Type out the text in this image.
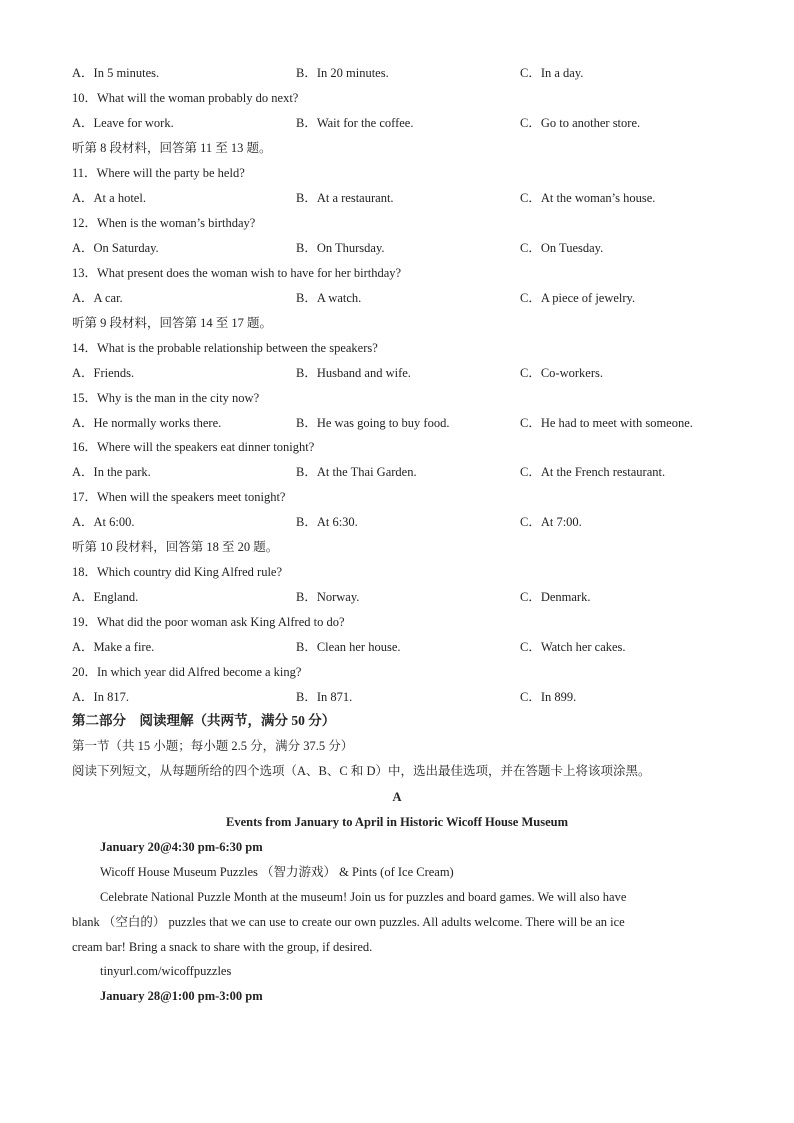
A．In 5 minutes.	B．In 20 minutes.	C．In a day.
10．What will the woman probably do next?
A．Leave for work.	B．Wait for the coffee.	C．Go to another store.
听第 8 段材料，回答第 11 至 13 题。
11．Where will the party be held?
A．At a hotel.	B．At a restaurant.	C．At the woman’s house.
12．When is the woman’s birthday?
A．On Saturday.	B．On Thursday.	C．On Tuesday.
13．What present does the woman wish to have for her birthday?
A．A car.	B．A watch.	C．A piece of jewelry.
听第 9 段材料，回答第 14 至 17 题。
14．What is the probable relationship between the speakers?
A．Friends.	B．Husband and wife.	C．Co-workers.
15．Why is the man in the city now?
A．He normally works there.	B．He was going to buy food.	C．He had to meet with someone.
16．Where will the speakers eat dinner tonight?
A．In the park.	B．At the Thai Garden.	C．At the French restaurant.
17．When will the speakers meet tonight?
A．At 6:00.	B．At 6:30.	C．At 7:00.
听第 10 段材料，回答第 18 至 20 题。
18．Which country did King Alfred rule?
A．England.	B．Norway.	C．Denmark.
19．What did the poor woman ask King Alfred to do?
A．Make a fire.	B．Clean her house.	C．Watch her cakes.
20．In which year did Alfred become a king?
A．In 817.	B．In 871.	C．In 899.
第二部分　阅读理解（共两节，满分 50 分）
第一节（共 15 小题；每小题 2.5 分，满分 37.5 分）
阅读下列短文，从每题所给的四个选项（A、B、C 和 D）中，选出最佳选项，并在答题卡上将该项涂黑。
A
Events from January to April in Historic Wicoff House Museum
January 20@4:30 pm-6:30 pm
Wicoff House Museum Puzzles （智力游戏） & Pints (of Ice Cream)
Celebrate National Puzzle Month at the museum! Join us for puzzles and board games. We will also have
blank （空白的） puzzles that we can use to create our own puzzles. All adults welcome. There will be an ice
cream bar! Bring a snack to share with the group, if desired.
tinyurl.com/wicoffpuzzles
January 28@1:00 pm-3:00 pm
